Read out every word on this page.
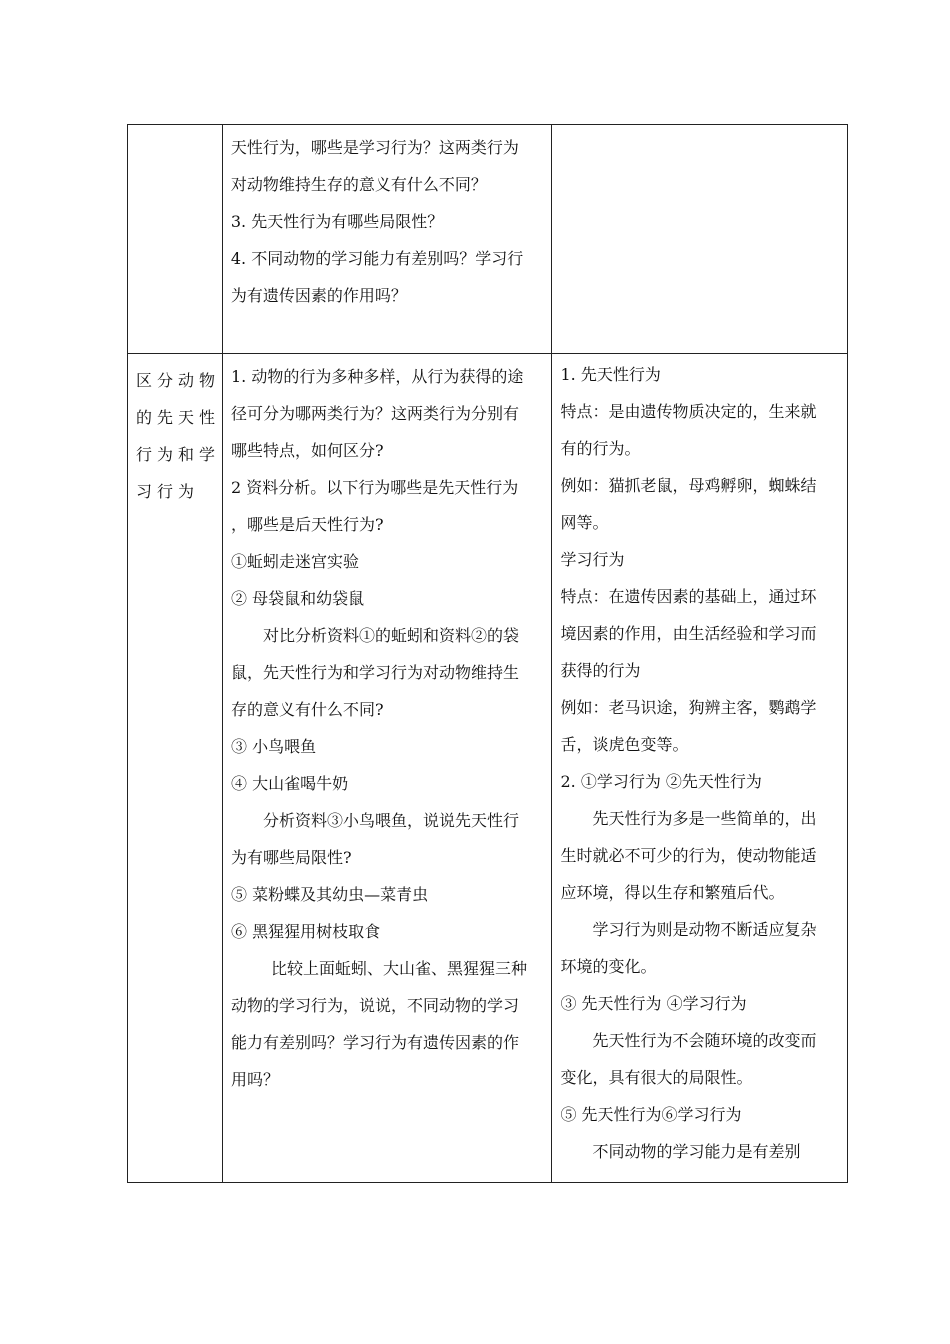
天性行为，哪些是学习行为？这两类行为
对动物维持生存的意义有什么不同？
3. 先天性行为有哪些局限性？
4. 不同动物的学习能力有差别吗？学习行
为有遗传因素的作用吗？
区分动物
的先天性
行为和学
习行为
1. 动物的行为多种多样，从行为获得的途
径可分为哪两类行为？这两类行为分别有
哪些特点，如何区分?
2 资料分析。以下行为哪些是先天性行为
，哪些是后天性行为?
①蚯蚓走迷宫实验
② 母袋鼠和幼袋鼠
对比分析资料①的蚯蚓和资料②的袋
鼠，先天性行为和学习行为对动物维持生
存的意义有什么不同?
③ 小鸟喂鱼
④ 大山雀喝牛奶
分析资料③小鸟喂鱼，说说先天性行
为有哪些局限性?
⑤ 菜粉蝶及其幼虫—菜青虫
⑥ 黑猩猩用树枝取食
比较上面蚯蚓、大山雀、黑猩猩三种
动物的学习行为，说说，不同动物的学习
能力有差别吗？学习行为有遗传因素的作
用吗？
1. 先天性行为
特点：是由遗传物质决定的，生来就
有的行为。
例如：猫抓老鼠，母鸡孵卵，蜘蛛结
网等。
学习行为
特点：在遗传因素的基础上，通过环
境因素的作用，由生活经验和学习而
获得的行为
例如：老马识途，狗辨主客，鹦鹉学
舌，谈虎色变等。
2. ①学习行为 ②先天性行为
先天性行为多是一些简单的，出
生时就必不可少的行为，使动物能适
应环境，得以生存和繁殖后代。
学习行为则是动物不断适应复杂
环境的变化。
③ 先天性行为 ④学习行为
先天性行为不会随环境的改变而
变化，具有很大的局限性。
⑤ 先天性行为⑥学习行为
不同动物的学习能力是有差别
